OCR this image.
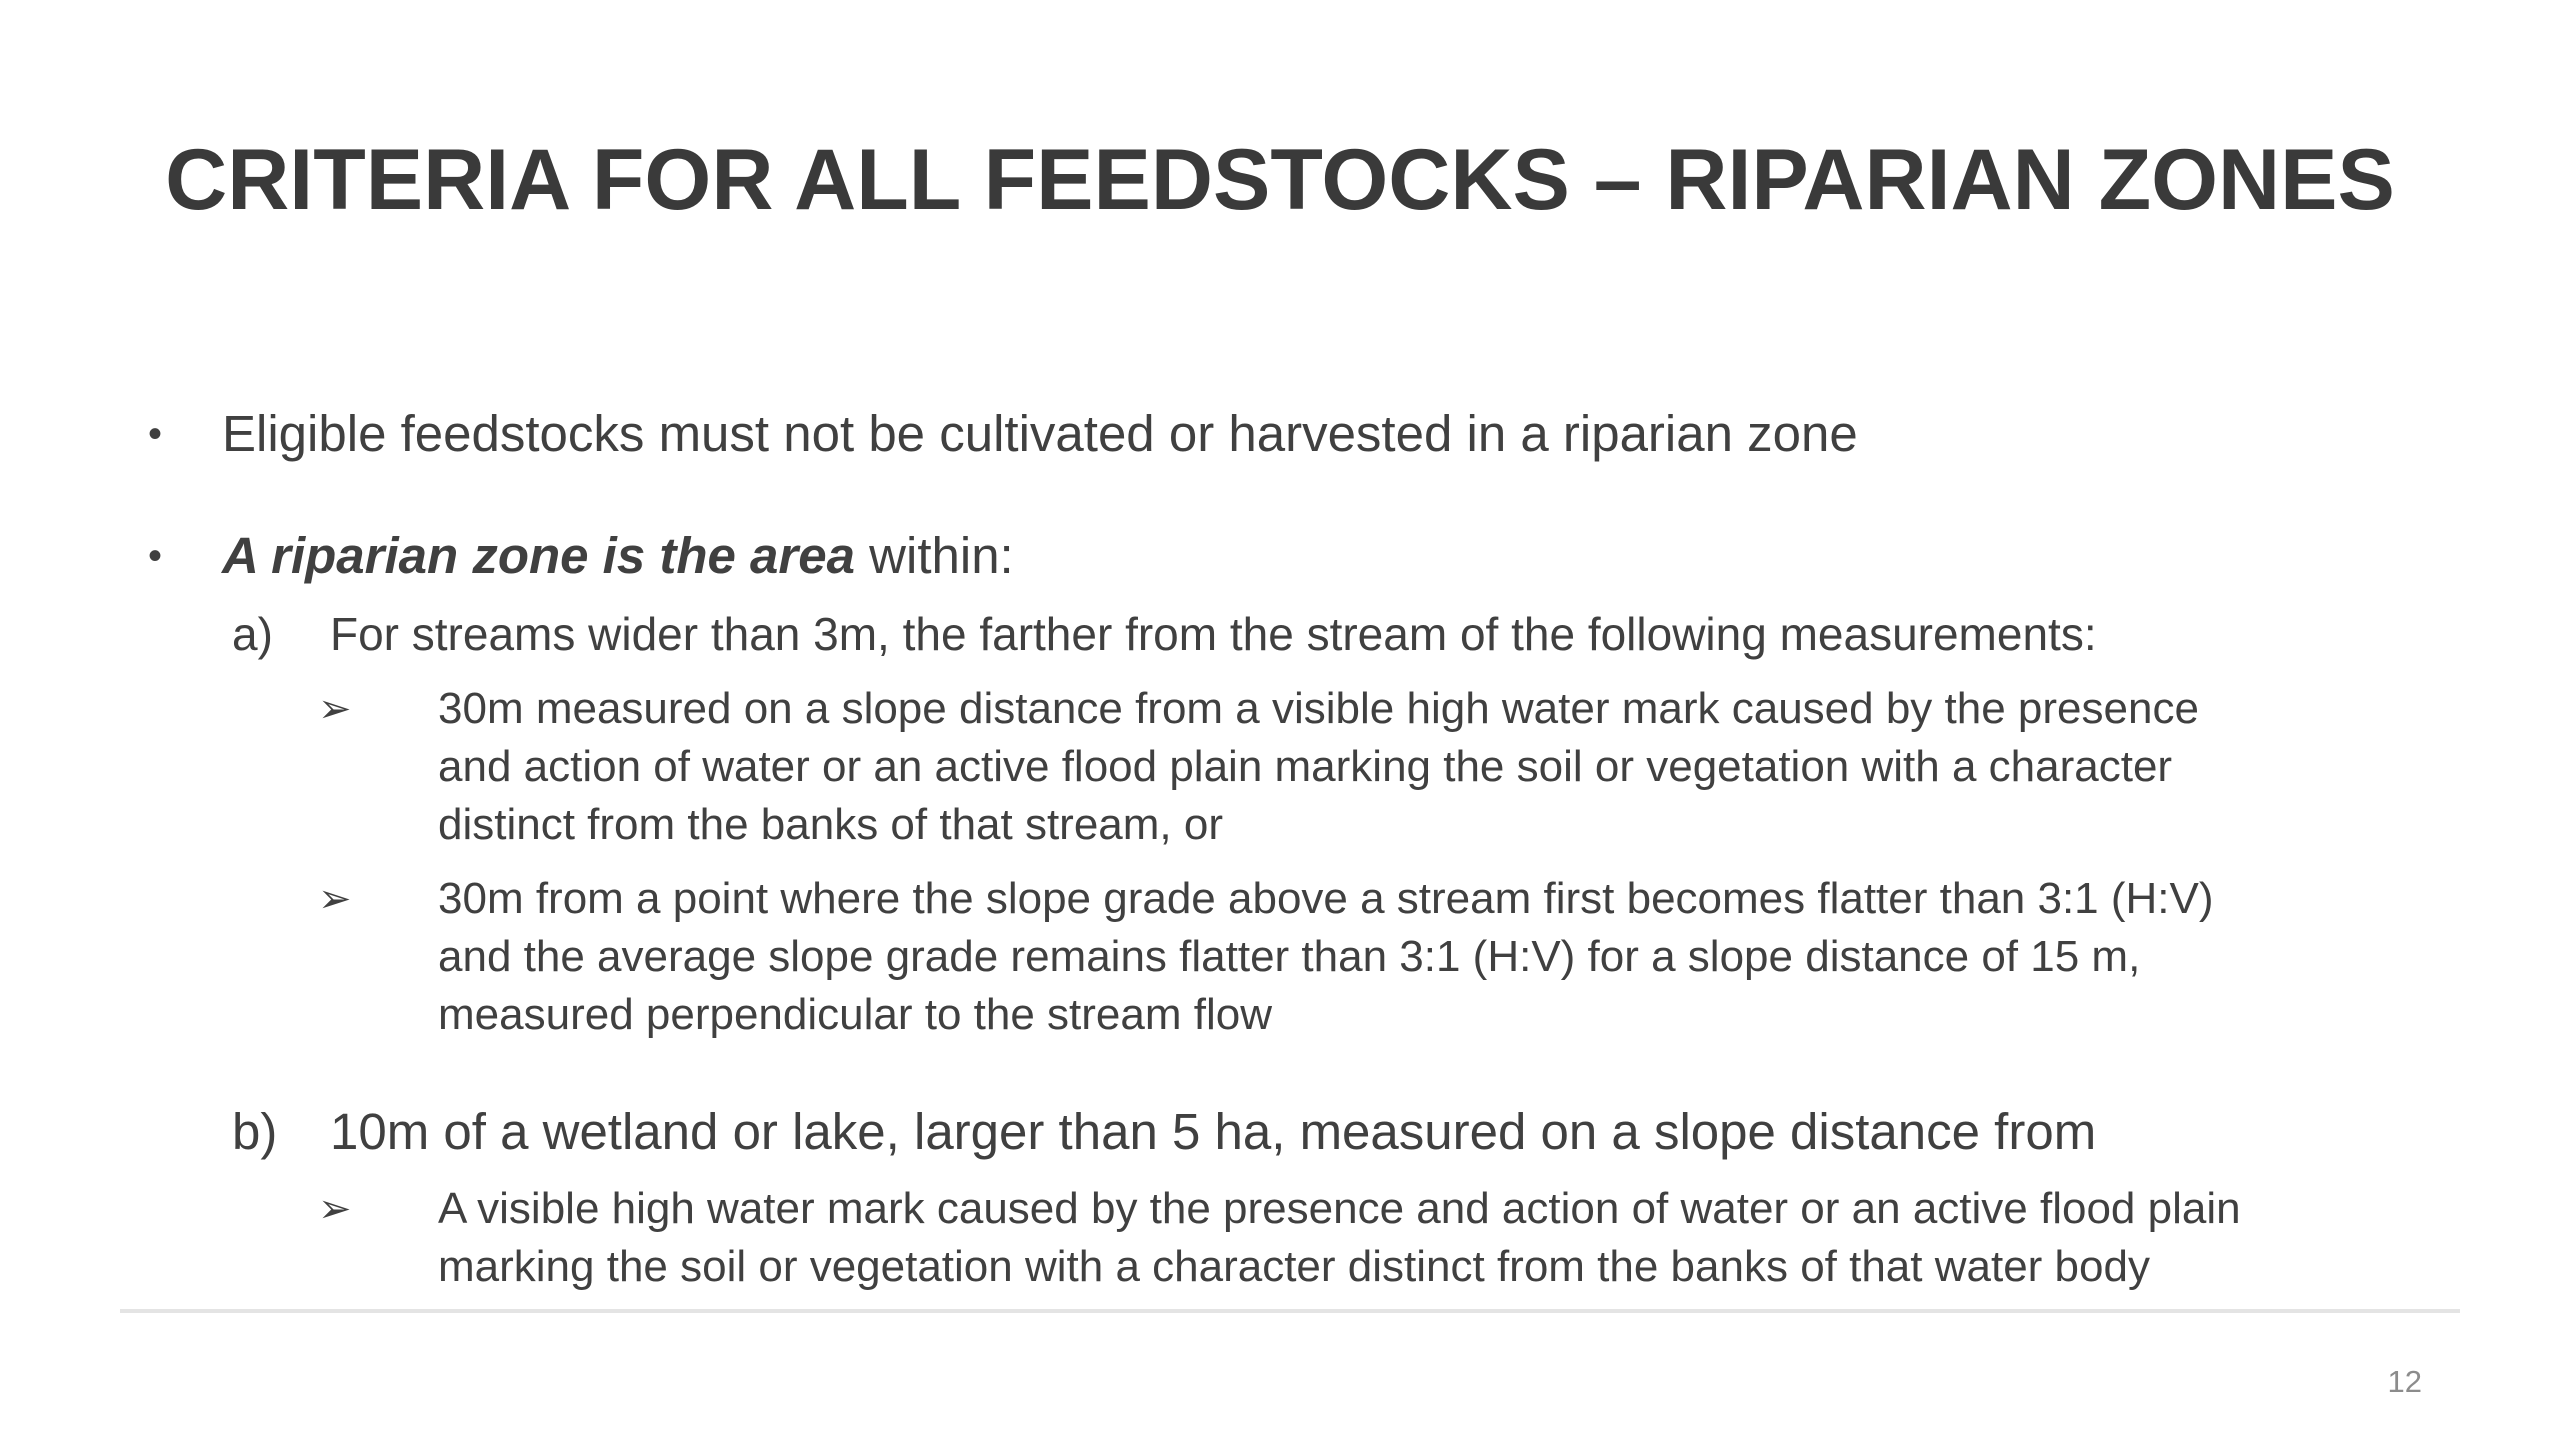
CRITERIA FOR ALL FEEDSTOCKS – RIPARIAN ZONES
•	Eligible feedstocks must not be cultivated or harvested in a riparian zone
•	A riparian zone is the area within:
a) For streams wider than 3m, the farther from the stream of the following measurements:
➢ 30m measured on a slope distance from a visible high water mark caused by the presence
and action of water or an active flood plain marking the soil or vegetation with a character
distinct from the banks of that stream, or
➢ 30m from a point where the slope grade above a stream first becomes flatter than 3:1 (H:V)
and the average slope grade remains flatter than 3:1 (H:V) for a slope distance of 15 m,
measured perpendicular to the stream flow
b) 10m of a wetland or lake, larger than 5 ha, measured on a slope distance from
➢ A visible high water mark caused by the presence and action of water or an active flood plain
marking the soil or vegetation with a character distinct from the banks of that water body
12
